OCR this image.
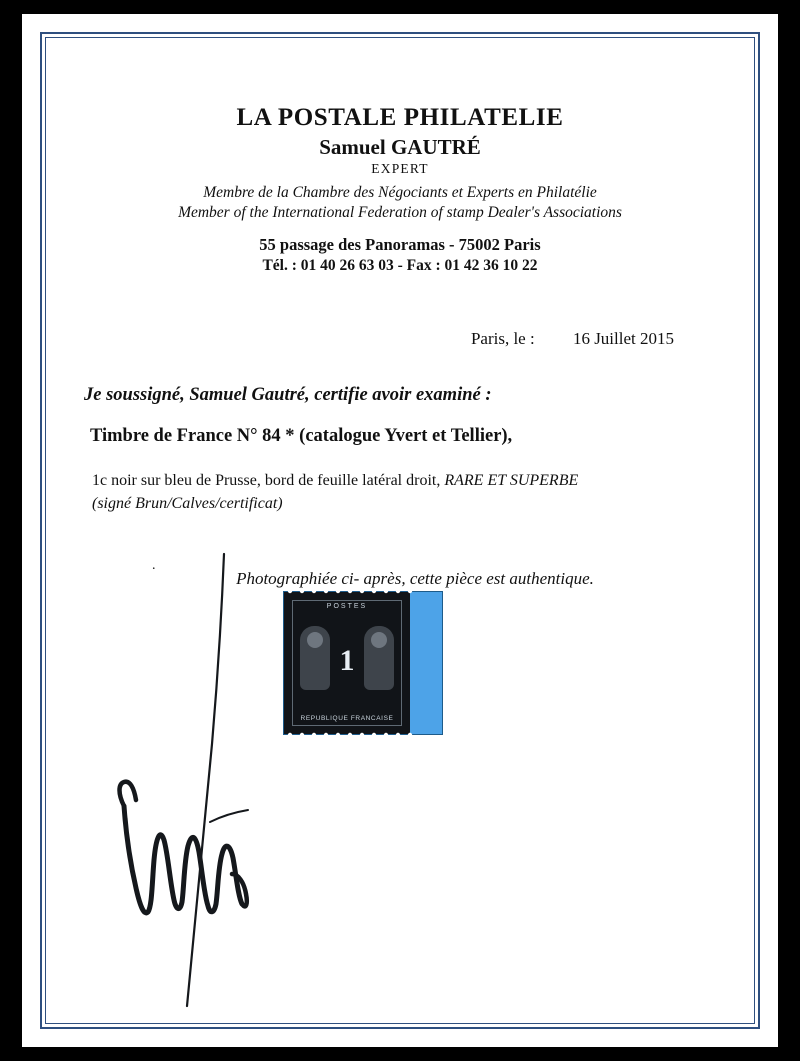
LA POSTALE PHILATELIE
Samuel GAUTRÉ
EXPERT
Membre de la Chambre des Négociants et Experts en Philatélie
Member of the International Federation of stamp Dealer's Associations
55 passage des Panoramas - 75002 Paris
Tél. : 01 40 26 63 03 - Fax : 01 42 36 10 22
Paris, le : 16 Juillet 2015
Je soussigné, Samuel Gautré, certifie avoir examiné :
Timbre de France N° 84 * (catalogue Yvert et Tellier),
1c noir sur bleu de Prusse, bord de feuille latéral droit, RARE ET SUPERBE
(signé Brun/Calves/certificat)
Photographiée ci- après, cette pièce est authentique.
.
POSTES
1
REPUBLIQUE FRANCAISE
